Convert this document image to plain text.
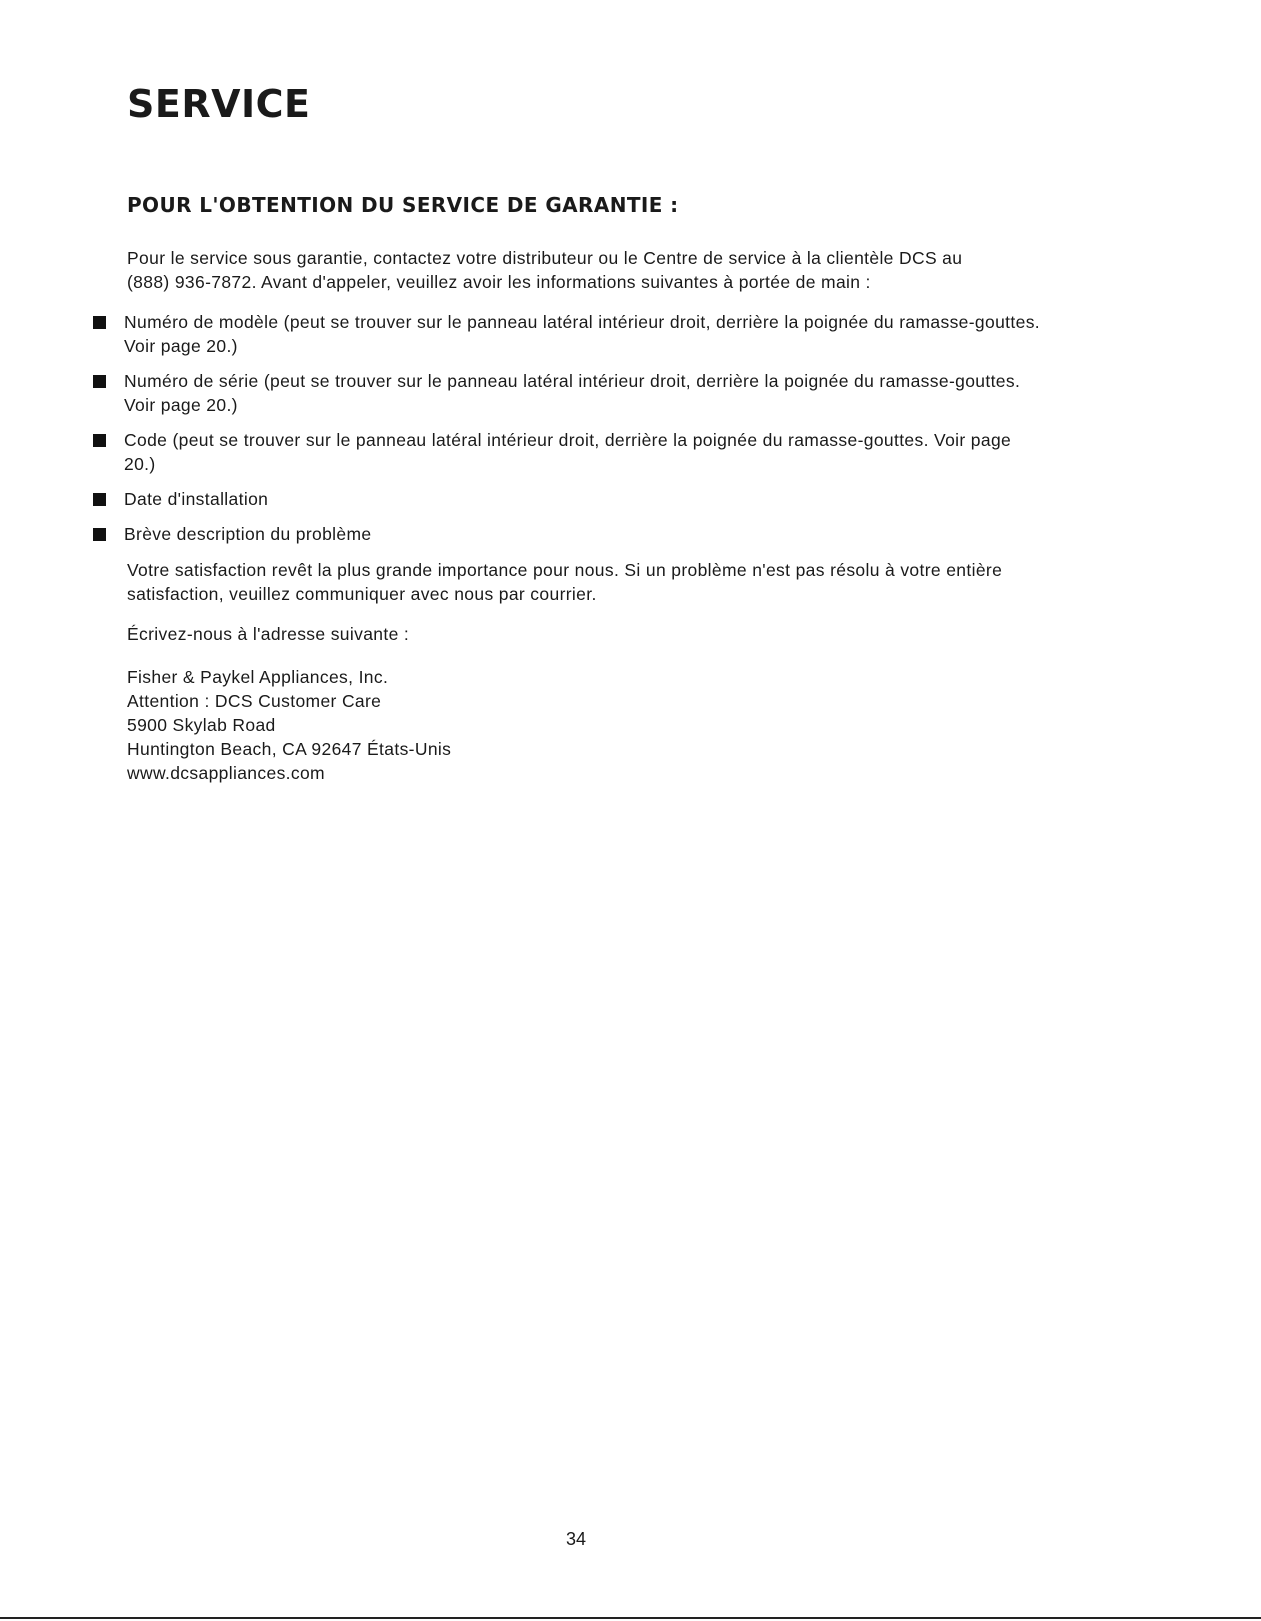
SERVICE
POUR L'OBTENTION DU SERVICE DE GARANTIE :

Pour le service sous garantie, contactez votre distributeur ou le Centre de service à la clientèle DCS au
(888) 936-7872. Avant d'appeler, veuillez avoir les informations suivantes à portée de main :

Numéro de modèle (peut se trouver sur le panneau latéral intérieur droit, derrière la poignée du ramasse-gouttes.
Voir page 20.)
Numéro de série (peut se trouver sur le panneau latéral intérieur droit, derrière la poignée du ramasse-gouttes.
Voir page 20.)
Code (peut se trouver sur le panneau latéral intérieur droit, derrière la poignée du ramasse-gouttes. Voir page
20.)
Date d'installation
Brève description du problème

Votre satisfaction revêt la plus grande importance pour nous. Si un problème n'est pas résolu à votre entière
satisfaction, veuillez communiquer avec nous par courrier.

Écrivez-nous à l'adresse suivante :

Fisher & Paykel Appliances, Inc.
Attention : DCS Customer Care
5900 Skylab Road
Huntington Beach, CA 92647 États-Unis
www.dcsappliances.com

34
